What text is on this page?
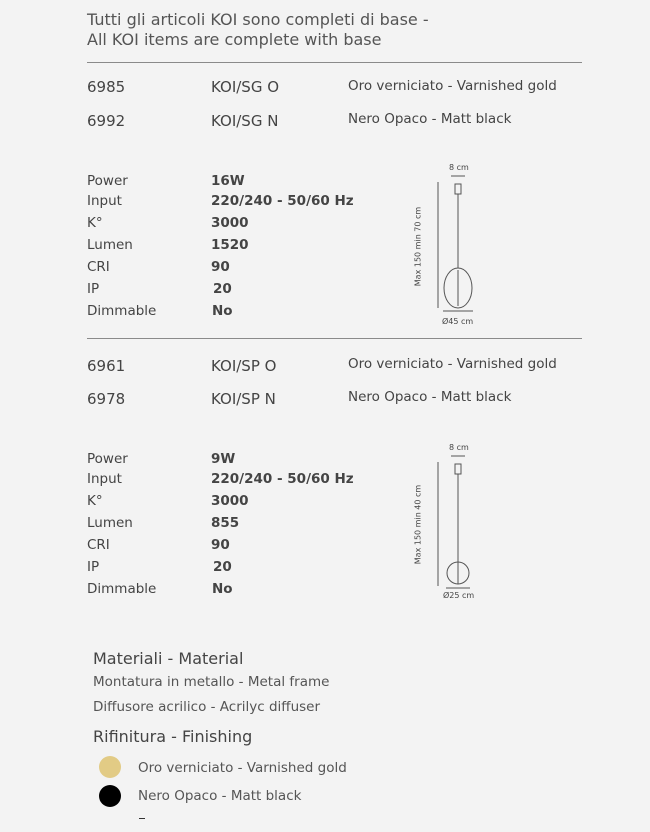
Tutti gli articoli KOI sono completi di base -
All KOI items are complete with base
6985	KOI/SG O	Oro verniciato - Varnished gold
6992	KOI/SG N	Nero Opaco - Matt black
Power	16W
Input	220/240 - 50/60 Hz
K°	3000
Lumen	1520
CRI	90
IP	20
Dimmable	No
8 cm
Max 150 min 70 cm
Ø45 cm
6961	KOI/SP O	Oro verniciato - Varnished gold
6978	KOI/SP N	Nero Opaco - Matt black
Power	9W
Input	220/240 - 50/60 Hz
K°	3000
Lumen	855
CRI	90
IP	20
Dimmable	No
8 cm
Max 150 min 40 cm
Ø25 cm
Materiali - Material
Montatura in metallo - Metal frame
Diffusore acrilico - Acrilyc diffuser
Rifinitura - Finishing
Oro verniciato - Varnished gold
Nero Opaco - Matt black
